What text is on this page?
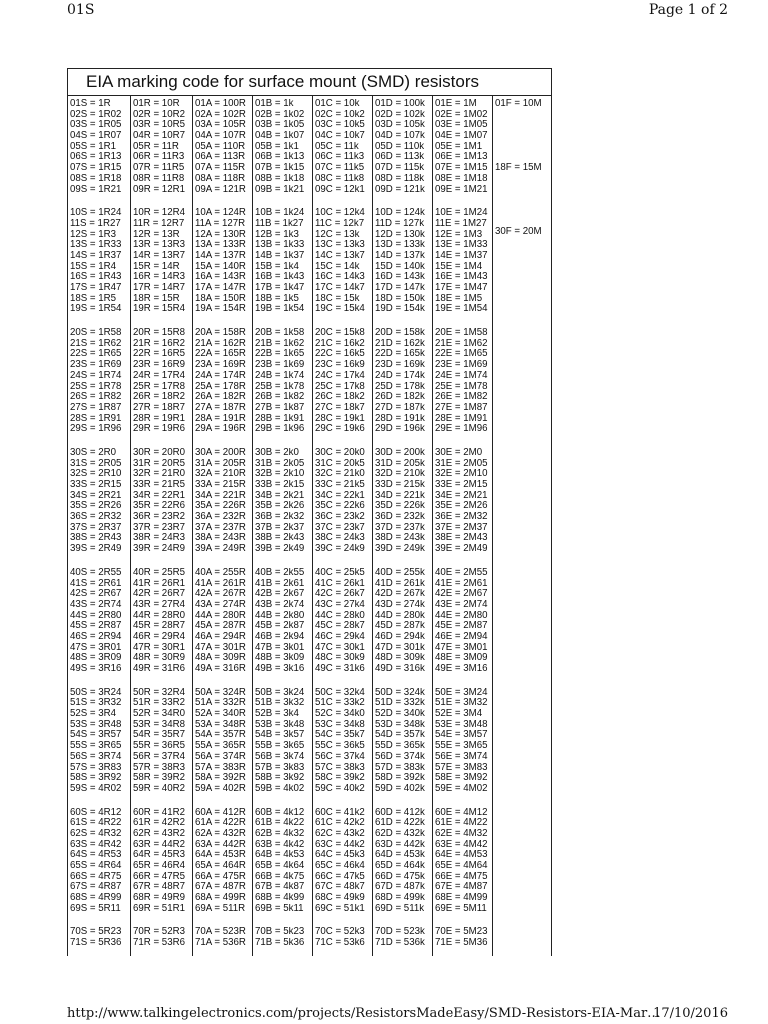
01S	Page 1 of 2
EIA marking code for surface mount (SMD) resistors
01S = 1R
02S = 1R02
03S = 1R05
04S = 1R07
05S = 1R1
06S = 1R13
07S = 1R15
08S = 1R18
09S = 1R21
10S = 1R24
11S = 1R27
12S = 1R3
13S = 1R33
14S = 1R37
15S = 1R4
16S = 1R43
17S = 1R47
18S = 1R5
19S = 1R54
20S = 1R58
21S = 1R62
22S = 1R65
23S = 1R69
24S = 1R74
25S = 1R78
26S = 1R82
27S = 1R87
28S = 1R91
29S = 1R96
30S = 2R0
31S = 2R05
32S = 2R10
33S = 2R15
34S = 2R21
35S = 2R26
36S = 2R32
37S = 2R37
38S = 2R43
39S = 2R49
40S = 2R55
41S = 2R61
42S = 2R67
43S = 2R74
44S = 2R80
45S = 2R87
46S = 2R94
47S = 3R01
48S = 3R09
49S = 3R16
50S = 3R24
51S = 3R32
52S = 3R4
53S = 3R48
54S = 3R57
55S = 3R65
56S = 3R74
57S = 3R83
58S = 3R92
59S = 4R02
60S = 4R12
61S = 4R22
62S = 4R32
63S = 4R42
64S = 4R53
65S = 4R64
66S = 4R75
67S = 4R87
68S = 4R99
69S = 5R11
70S = 5R23
71S = 5R36
01R = 10R
02R = 10R2
03R = 10R5
04R = 10R7
05R = 11R
06R = 11R3
07R = 11R5
08R = 11R8
09R = 12R1
10R = 12R4
11R = 12R7
12R = 13R
13R = 13R3
14R = 13R7
15R = 14R
16R = 14R3
17R = 14R7
18R = 15R
19R = 15R4
20R = 15R8
21R = 16R2
22R = 16R5
23R = 16R9
24R = 17R4
25R = 17R8
26R = 18R2
27R = 18R7
28R = 19R1
29R = 19R6
30R = 20R0
31R = 20R5
32R = 21R0
33R = 21R5
34R = 22R1
35R = 22R6
36R = 23R2
37R = 23R7
38R = 24R3
39R = 24R9
40R = 25R5
41R = 26R1
42R = 26R7
43R = 27R4
44R = 28R0
45R = 28R7
46R = 29R4
47R = 30R1
48R = 30R9
49R = 31R6
50R = 32R4
51R = 33R2
52R = 34R0
53R = 34R8
54R = 35R7
55R = 36R5
56R = 37R4
57R = 38R3
58R = 39R2
59R = 40R2
60R = 41R2
61R = 42R2
62R = 43R2
63R = 44R2
64R = 45R3
65R = 46R4
66R = 47R5
67R = 48R7
68R = 49R9
69R = 51R1
70R = 52R3
71R = 53R6
01A = 100R
02A = 102R
03A = 105R
04A = 107R
05A = 110R
06A = 113R
07A = 115R
08A = 118R
09A = 121R
10A = 124R
11A = 127R
12A = 130R
13A = 133R
14A = 137R
15A = 140R
16A = 143R
17A = 147R
18A = 150R
19A = 154R
20A = 158R
21A = 162R
22A = 165R
23A = 169R
24A = 174R
25A = 178R
26A = 182R
27A = 187R
28A = 191R
29A = 196R
30A = 200R
31A = 205R
32A = 210R
33A = 215R
34A = 221R
35A = 226R
36A = 232R
37A = 237R
38A = 243R
39A = 249R
40A = 255R
41A = 261R
42A = 267R
43A = 274R
44A = 280R
45A = 287R
46A = 294R
47A = 301R
48A = 309R
49A = 316R
50A = 324R
51A = 332R
52A = 340R
53A = 348R
54A = 357R
55A = 365R
56A = 374R
57A = 383R
58A = 392R
59A = 402R
60A = 412R
61A = 422R
62A = 432R
63A = 442R
64A = 453R
65A = 464R
66A = 475R
67A = 487R
68A = 499R
69A = 511R
70A = 523R
71A = 536R
01B = 1k
02B = 1k02
03B = 1k05
04B = 1k07
05B = 1k1
06B = 1k13
07B = 1k15
08B = 1k18
09B = 1k21
10B = 1k24
11B = 1k27
12B = 1k3
13B = 1k33
14B = 1k37
15B = 1k4
16B = 1k43
17B = 1k47
18B = 1k5
19B = 1k54
20B = 1k58
21B = 1k62
22B = 1k65
23B = 1k69
24B = 1k74
25B = 1k78
26B = 1k82
27B = 1k87
28B = 1k91
29B = 1k96
30B = 2k0
31B = 2k05
32B = 2k10
33B = 2k15
34B = 2k21
35B = 2k26
36B = 2k32
37B = 2k37
38B = 2k43
39B = 2k49
40B = 2k55
41B = 2k61
42B = 2k67
43B = 2k74
44B = 2k80
45B = 2k87
46B = 2k94
47B = 3k01
48B = 3k09
49B = 3k16
50B = 3k24
51B = 3k32
52B = 3k4
53B = 3k48
54B = 3k57
55B = 3k65
56B = 3k74
57B = 3k83
58B = 3k92
59B = 4k02
60B = 4k12
61B = 4k22
62B = 4k32
63B = 4k42
64B = 4k53
65B = 4k64
66B = 4k75
67B = 4k87
68B = 4k99
69B = 5k11
70B = 5k23
71B = 5k36
01C = 10k
02C = 10k2
03C = 10k5
04C = 10k7
05C = 11k
06C = 11k3
07C = 11k5
08C = 11k8
09C = 12k1
10C = 12k4
11C = 12k7
12C = 13k
13C = 13k3
14C = 13k7
15C = 14k
16C = 14k3
17C = 14k7
18C = 15k
19C = 15k4
20C = 15k8
21C = 16k2
22C = 16k5
23C = 16k9
24C = 17k4
25C = 17k8
26C = 18k2
27C = 18k7
28C = 19k1
29C = 19k6
30C = 20k0
31C = 20k5
32C = 21k0
33C = 21k5
34C = 22k1
35C = 22k6
36C = 23k2
37C = 23k7
38C = 24k3
39C = 24k9
40C = 25k5
41C = 26k1
42C = 26k7
43C = 27k4
44C = 28k0
45C = 28k7
46C = 29k4
47C = 30k1
48C = 30k9
49C = 31k6
50C = 32k4
51C = 33k2
52C = 34k0
53C = 34k8
54C = 35k7
55C = 36k5
56C = 37k4
57C = 38k3
58C = 39k2
59C = 40k2
60C = 41k2
61C = 42k2
62C = 43k2
63C = 44k2
64C = 45k3
65C = 46k4
66C = 47k5
67C = 48k7
68C = 49k9
69C = 51k1
70C = 52k3
71C = 53k6
01D = 100k
02D = 102k
03D = 105k
04D = 107k
05D = 110k
06D = 113k
07D = 115k
08D = 118k
09D = 121k
10D = 124k
11D = 127k
12D = 130k
13D = 133k
14D = 137k
15D = 140k
16D = 143k
17D = 147k
18D = 150k
19D = 154k
20D = 158k
21D = 162k
22D = 165k
23D = 169k
24D = 174k
25D = 178k
26D = 182k
27D = 187k
28D = 191k
29D = 196k
30D = 200k
31D = 205k
32D = 210k
33D = 215k
34D = 221k
35D = 226k
36D = 232k
37D = 237k
38D = 243k
39D = 249k
40D = 255k
41D = 261k
42D = 267k
43D = 274k
44D = 280k
45D = 287k
46D = 294k
47D = 301k
48D = 309k
49D = 316k
50D = 324k
51D = 332k
52D = 340k
53D = 348k
54D = 357k
55D = 365k
56D = 374k
57D = 383k
58D = 392k
59D = 402k
60D = 412k
61D = 422k
62D = 432k
63D = 442k
64D = 453k
65D = 464k
66D = 475k
67D = 487k
68D = 499k
69D = 511k
70D = 523k
71D = 536k
01E = 1M
02E = 1M02
03E = 1M05
04E = 1M07
05E = 1M1
06E = 1M13
07E = 1M15
08E = 1M18
09E = 1M21
10E = 1M24
11E = 1M27
12E = 1M3
13E = 1M33
14E = 1M37
15E = 1M4
16E = 1M43
17E = 1M47
18E = 1M5
19E = 1M54
20E = 1M58
21E = 1M62
22E = 1M65
23E = 1M69
24E = 1M74
25E = 1M78
26E = 1M82
27E = 1M87
28E = 1M91
29E = 1M96
30E = 2M0
31E = 2M05
32E = 2M10
33E = 2M15
34E = 2M21
35E = 2M26
36E = 2M32
37E = 2M37
38E = 2M43
39E = 2M49
40E = 2M55
41E = 2M61
42E = 2M67
43E = 2M74
44E = 2M80
45E = 2M87
46E = 2M94
47E = 3M01
48E = 3M09
49E = 3M16
50E = 3M24
51E = 3M32
52E = 3M4
53E = 3M48
54E = 3M57
55E = 3M65
56E = 3M74
57E = 3M83
58E = 3M92
59E = 4M02
60E = 4M12
61E = 4M22
62E = 4M32
63E = 4M42
64E = 4M53
65E = 4M64
66E = 4M75
67E = 4M87
68E = 4M99
69E = 5M11
70E = 5M23
71E = 5M36
01F = 10M
18F = 15M
30F = 20M
http://www.talkingelectronics.com/projects/ResistorsMadeEasy/SMD-Resistors-EIA-Mar…
17/10/2016
